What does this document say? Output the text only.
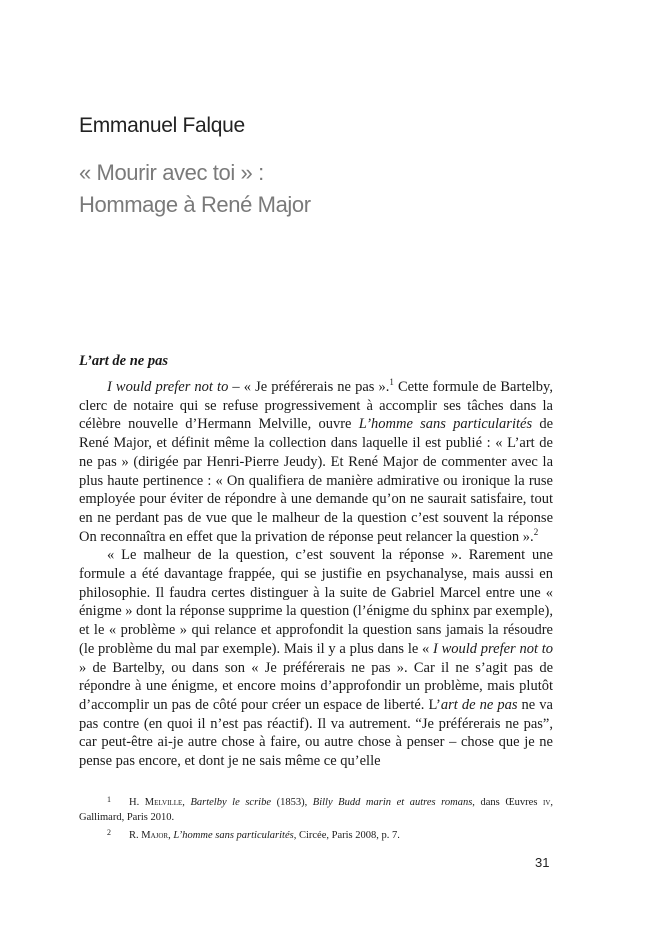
Emmanuel Falque
« Mourir avec toi » :
Hommage à René Major
L’art de ne pas

I would prefer not to – « Je préférerais ne pas ».$^1$ Cette formule de Bartelby, clerc de notaire qui se refuse progressivement à accomplir ses tâches dans la célèbre nouvelle d’Hermann Melville, ouvre L’homme sans particularités de René Major, et définit même la collection dans laquelle il est publié : « L’art de ne pas » (dirigée par Henri-Pierre Jeudy). Et René Major de commenter avec la plus haute pertinence : « On qualifiera de manière admirative ou ironique la ruse employée pour éviter de répondre à une demande qu’on ne saurait satisfaire, tout en ne perdant pas de vue que le malheur de la question c’est souvent la réponse On reconnaîtra en effet que la privation de réponse peut relancer la question ».$^2$

« Le malheur de la question, c’est souvent la réponse ». Rarement une formule a été davantage frappée, qui se justifie en psychanalyse, mais aussi en philosophie. Il faudra certes distinguer à la suite de Gabriel Marcel entre une « énigme » dont la réponse supprime la question (l’énigme du sphinx par exemple), et le « problème » qui relance et approfondit la question sans jamais la résoudre (le problème du mal par exemple). Mais il y a plus dans le « I would prefer not to » de Bartelby, ou dans son « Je préférerais ne pas ». Car il ne s’agit pas de répondre à une énigme, et encore moins d’approfondir un problème, mais plutôt d’accomplir un pas de côté pour créer un espace de liberté. L’art de ne pas ne va pas contre (en quoi il n’est pas réactif). Il va autrement. “Je préférerais ne pas”, car peut-être ai-je autre chose à faire, ou autre chose à penser – chose que je ne pense pas encore, et dont je ne sais même ce qu’elle

1 H. Melville, Bartelby le scribe (1853), Billy Budd marin et autres romans, dans Œuvres iv, Gallimard, Paris 2010.

2 R. Major, L’homme sans particularités, Circée, Paris 2008, p. 7.

31
